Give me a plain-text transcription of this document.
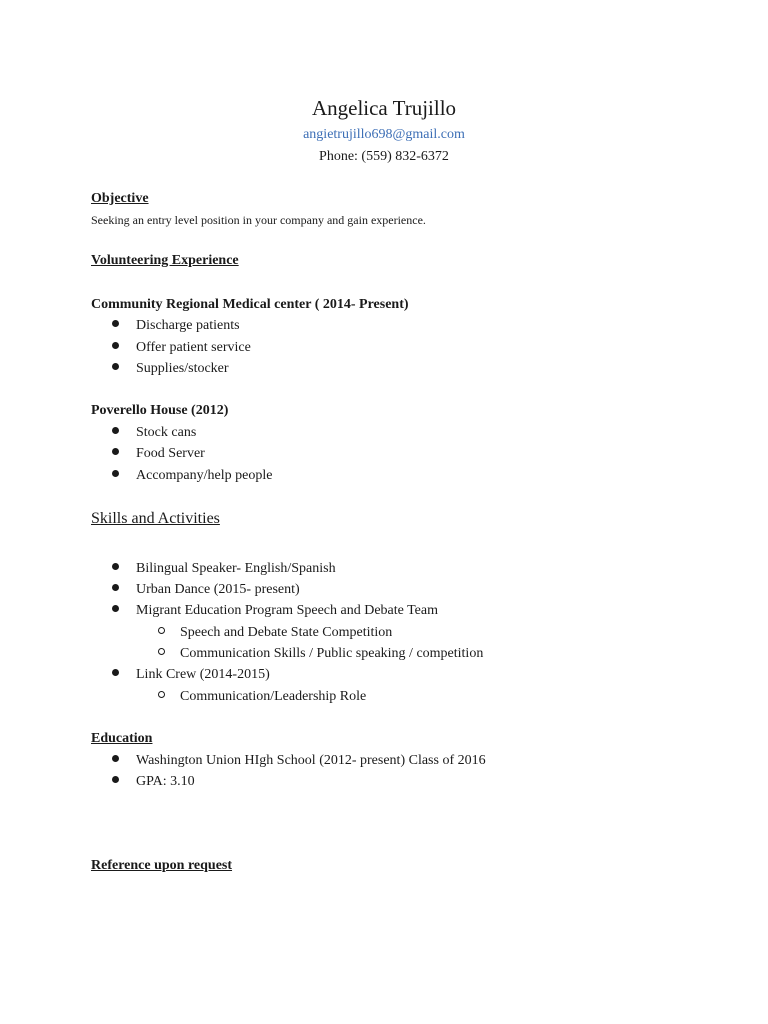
Angelica Trujillo
angietrujillo698@gmail.com
Phone: (559) 832-6372
Objective
Seeking an entry level position in your company and gain experience.
Volunteering Experience
Community Regional Medical center ( 2014- Present)
Discharge patients
Offer patient service
Supplies/stocker
Poverello House (2012)
Stock cans
Food Server
Accompany/help people
Skills and Activities
Bilingual Speaker- English/Spanish
Urban Dance (2015- present)
Migrant Education Program Speech and Debate Team
Speech and Debate State Competition
Communication Skills / Public speaking / competition
Link Crew (2014-2015)
Communication/Leadership Role
Education
Washington Union HIgh School (2012- present) Class of 2016
GPA: 3.10
Reference upon request
